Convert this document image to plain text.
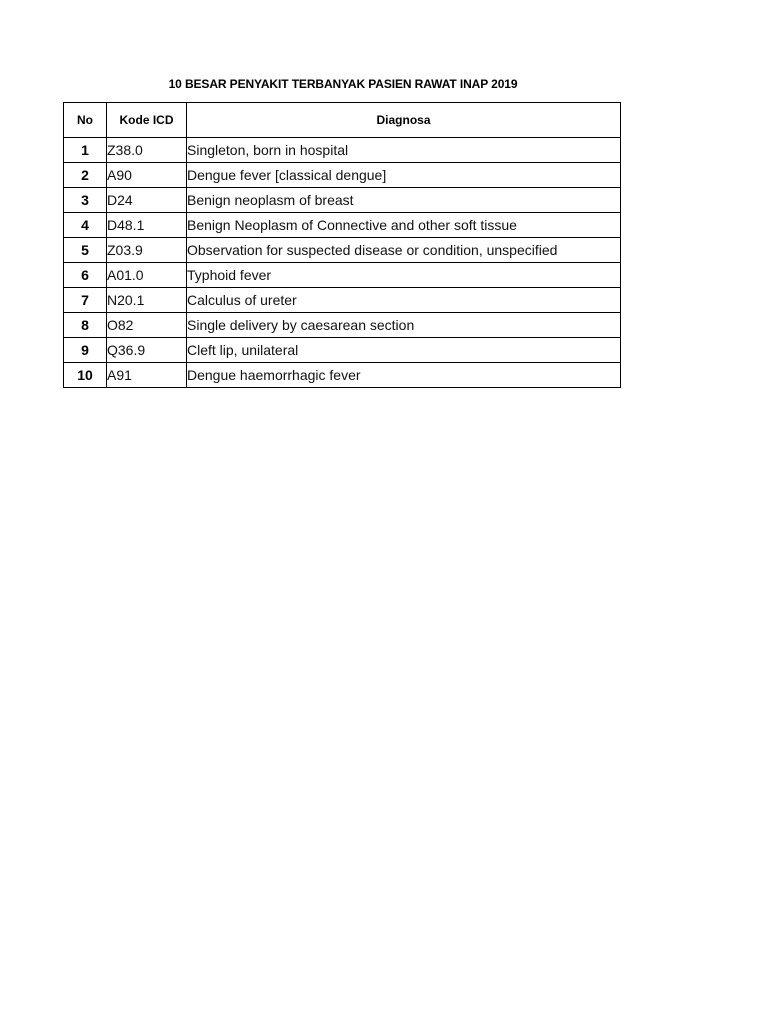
10 BESAR PENYAKIT TERBANYAK PASIEN RAWAT INAP 2019
No	Kode ICD	Diagnosa
1	Z38.0	Singleton, born in hospital
2	A90	Dengue fever [classical dengue]
3	D24	Benign neoplasm of breast
4	D48.1	Benign Neoplasm of Connective and other soft tissue
5	Z03.9	Observation for suspected disease or condition, unspecified
6	A01.0	Typhoid fever
7	N20.1	Calculus of ureter
8	O82	Single delivery by caesarean section
9	Q36.9	Cleft lip, unilateral
10	A91	Dengue haemorrhagic fever
